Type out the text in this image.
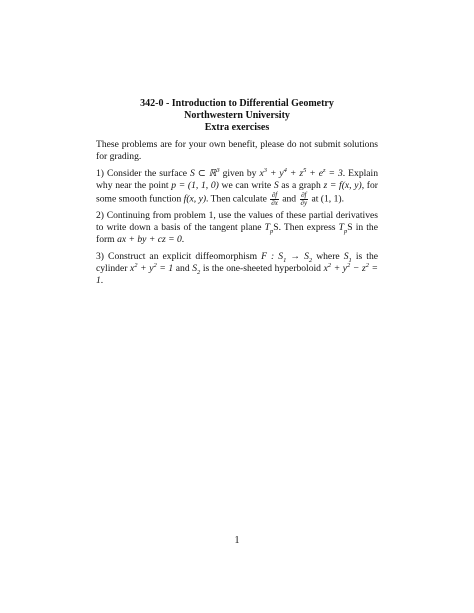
342-0 - Introduction to Differential Geometry
Northwestern University
Extra exercises
These problems are for your own benefit, please do not submit solutions for grading.
1) Consider the surface S ⊂ ℝ$^3$ given by $x^3 + y^4 + z^5 + e^z = 3$. Explain why near the point p = (1, 1, 0) we can write S as a graph z = f(x, y), for some smooth function f(x, y). Then calculate $\frac{\partial f}{\partial x}$ and $\frac{\partial f}{\partial y}$ at (1, 1).
2) Continuing from problem 1, use the values of these partial derivatives to write down a basis of the tangent plane $T_pS$. Then express $T_pS$ in the form ax + by + cz = 0.
3) Construct an explicit diffeomorphism F : $S_1 \to S_2$ where $S_1$ is the cylinder $x^2 + y^2 = 1$ and $S_2$ is the one-sheeted hyperboloid $x^2 + y^2 - z^2 = 1$.
1
